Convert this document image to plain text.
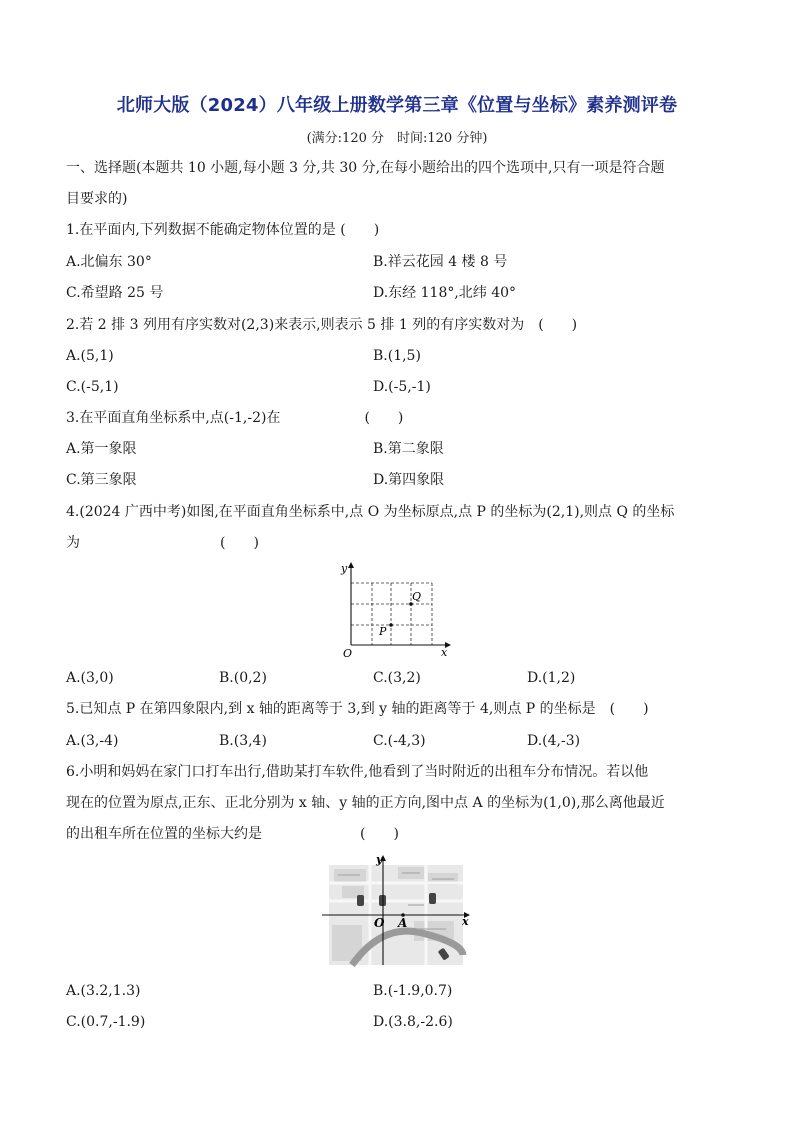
北师大版（2024）八年级上册数学第三章《位置与坐标》素养测评卷
(满分:120 分　时间:120 分钟)
一、选择题(本题共 10 小题,每小题 3 分,共 30 分,在每小题给出的四个选项中,只有一项是符合题
目要求的)
1.在平面内,下列数据不能确定物体位置的是 (　　)
A.北偏东 30°	B.祥云花园 4 楼 8 号
C.希望路 25 号	D.东经 118°,北纬 40°
2.若 2 排 3 列用有序实数对(2,3)来表示,则表示 5 排 1 列的有序实数对为　(　　)
A.(5,1)	B.(1,5)
C.(-5,1)	D.(-5,-1)
3.在平面直角坐标系中,点(-1,-2)在　　　　　　(　　)
A.第一象限	B.第二象限
C.第三象限	D.第四象限
4.(2024 广西中考)如图,在平面直角坐标系中,点 O 为坐标原点,点 P 的坐标为(2,1),则点 Q 的坐标
为　　　　　　　　　　(　　)
y
x
O
P
Q
A.(3,0)	B.(0,2)	C.(3,2)	D.(1,2)
5.已知点 P 在第四象限内,到 x 轴的距离等于 3,到 y 轴的距离等于 4,则点 P 的坐标是　(　　)
A.(3,-4)	B.(3,4)	C.(-4,3)	D.(4,-3)
6.小明和妈妈在家门口打车出行,借助某打车软件,他看到了当时附近的出租车分布情况。若以他
现在的位置为原点,正东、正北分别为 x 轴、y 轴的正方向,图中点 A 的坐标为(1,0),那么离他最近
的出租车所在位置的坐标大约是　　　　　　　(　　)
y
x
O A
A.(3.2,1.3)	B.(-1.9,0.7)
C.(0.7,-1.9)	D.(3.8,-2.6)
